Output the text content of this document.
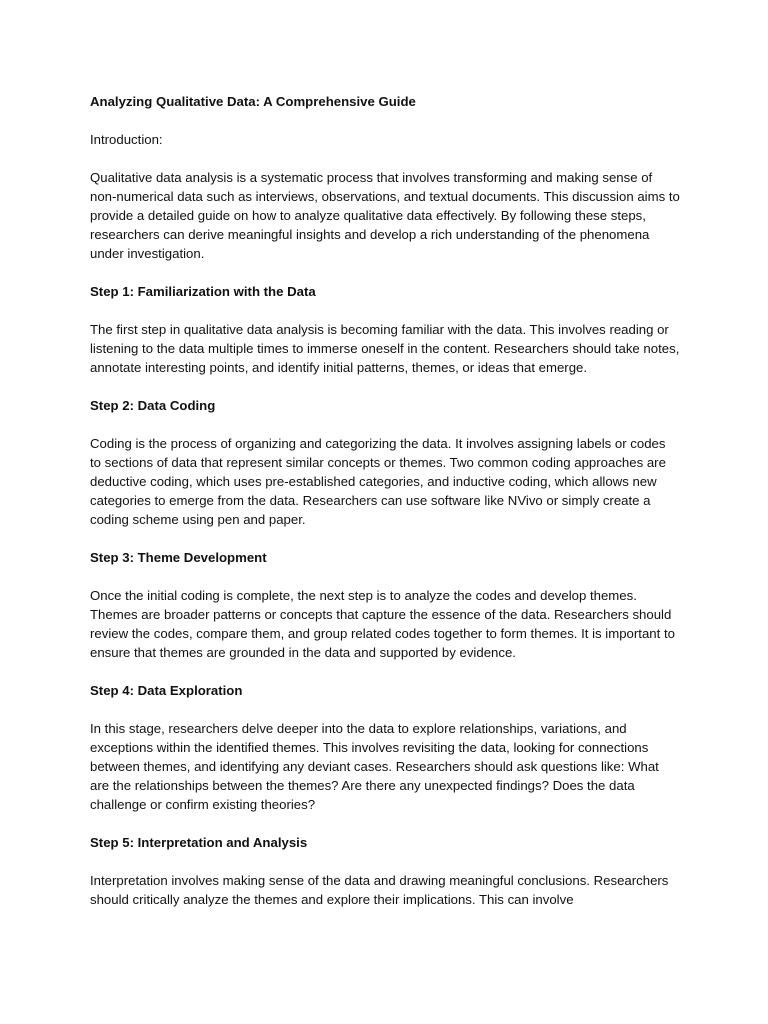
Analyzing Qualitative Data: A Comprehensive Guide

Introduction:

Qualitative data analysis is a systematic process that involves transforming and making sense of non-numerical data such as interviews, observations, and textual documents. This discussion aims to provide a detailed guide on how to analyze qualitative data effectively. By following these steps, researchers can derive meaningful insights and develop a rich understanding of the phenomena under investigation.

Step 1: Familiarization with the Data

The first step in qualitative data analysis is becoming familiar with the data. This involves reading or listening to the data multiple times to immerse oneself in the content. Researchers should take notes, annotate interesting points, and identify initial patterns, themes, or ideas that emerge.

Step 2: Data Coding

Coding is the process of organizing and categorizing the data. It involves assigning labels or codes to sections of data that represent similar concepts or themes. Two common coding approaches are deductive coding, which uses pre-established categories, and inductive coding, which allows new categories to emerge from the data. Researchers can use software like NVivo or simply create a coding scheme using pen and paper.

Step 3: Theme Development

Once the initial coding is complete, the next step is to analyze the codes and develop themes. Themes are broader patterns or concepts that capture the essence of the data. Researchers should review the codes, compare them, and group related codes together to form themes. It is important to ensure that themes are grounded in the data and supported by evidence.

Step 4: Data Exploration

In this stage, researchers delve deeper into the data to explore relationships, variations, and exceptions within the identified themes. This involves revisiting the data, looking for connections between themes, and identifying any deviant cases. Researchers should ask questions like: What are the relationships between the themes? Are there any unexpected findings? Does the data challenge or confirm existing theories?

Step 5: Interpretation and Analysis

Interpretation involves making sense of the data and drawing meaningful conclusions. Researchers should critically analyze the themes and explore their implications. This can involve
